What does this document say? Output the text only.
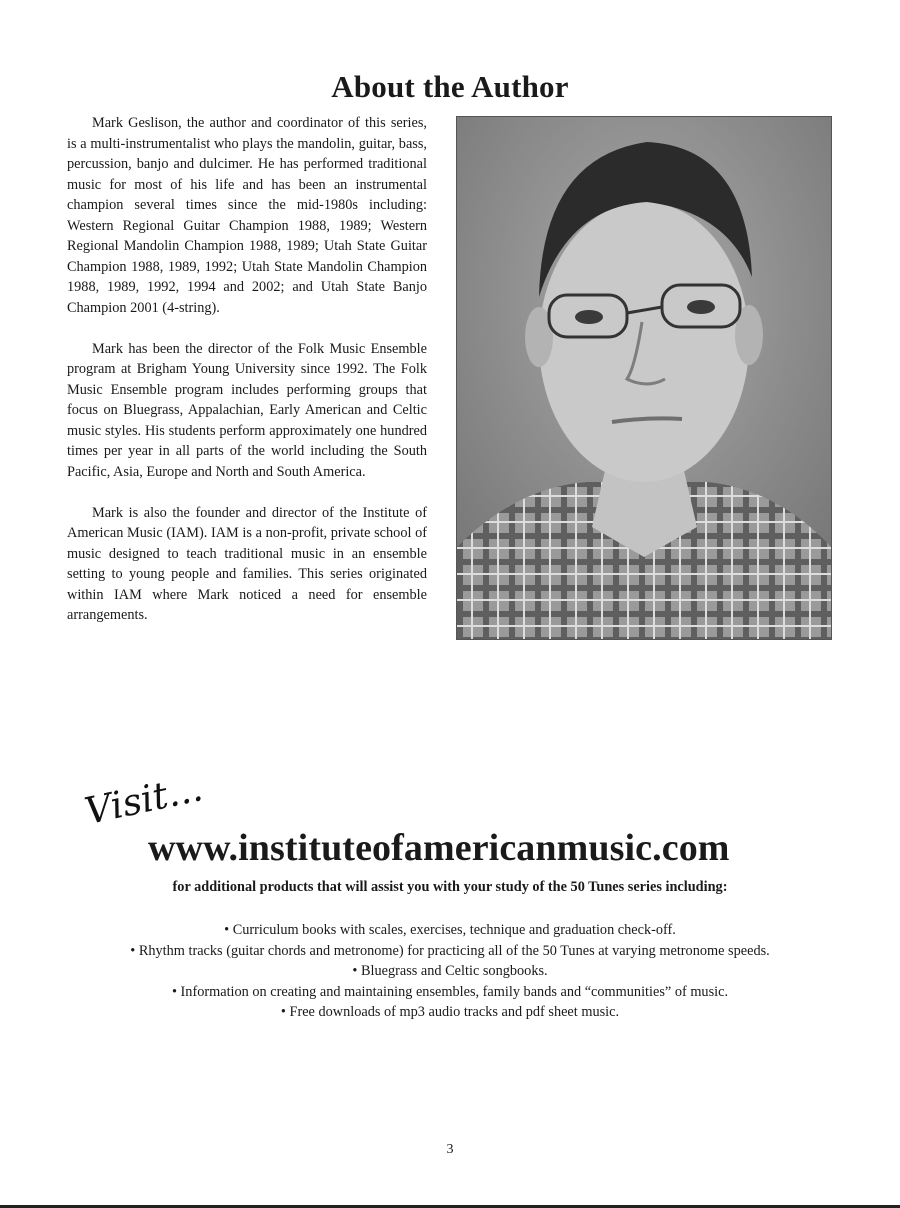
About the Author

Mark Geslison, the author and coordinator of this series, is a multi-instrumentalist who plays the mandolin, guitar, bass, percussion, banjo and dulcimer. He has performed traditional music for most of his life and has been an instrumental champion several times since the mid-1980s including: Western Regional Guitar Champion 1988, 1989; Western Regional Mandolin Champion 1988, 1989; Utah State Guitar Champion 1988, 1989, 1992; Utah State Mandolin Champion 1988, 1989, 1992, 1994 and 2002; and Utah State Banjo Champion 2001 (4-string).

Mark has been the director of the Folk Music Ensemble program at Brigham Young University since 1992. The Folk Music Ensemble program includes performing groups that focus on Bluegrass, Appalachian, Early American and Celtic music styles. His students perform approximately one hundred times per year in all parts of the world including the South Pacific, Asia, Europe and North and South America.

Mark is also the founder and director of the Institute of American Music (IAM). IAM is a non-profit, private school of music designed to teach traditional music in an ensemble setting to young people and families. This series originated within IAM where Mark noticed a need for ensemble arrangements.

Visit...
www.instituteofamericanmusic.com
for additional products that will assist you with your study of the 50 Tunes series including:
• Curriculum books with scales, exercises, technique and graduation check-off.
• Rhythm tracks (guitar chords and metronome) for practicing all of the 50 Tunes at varying metronome speeds.
• Bluegrass and Celtic songbooks.
• Information on creating and maintaining ensembles, family bands and “communities” of music.
• Free downloads of mp3 audio tracks and pdf sheet music.
3
